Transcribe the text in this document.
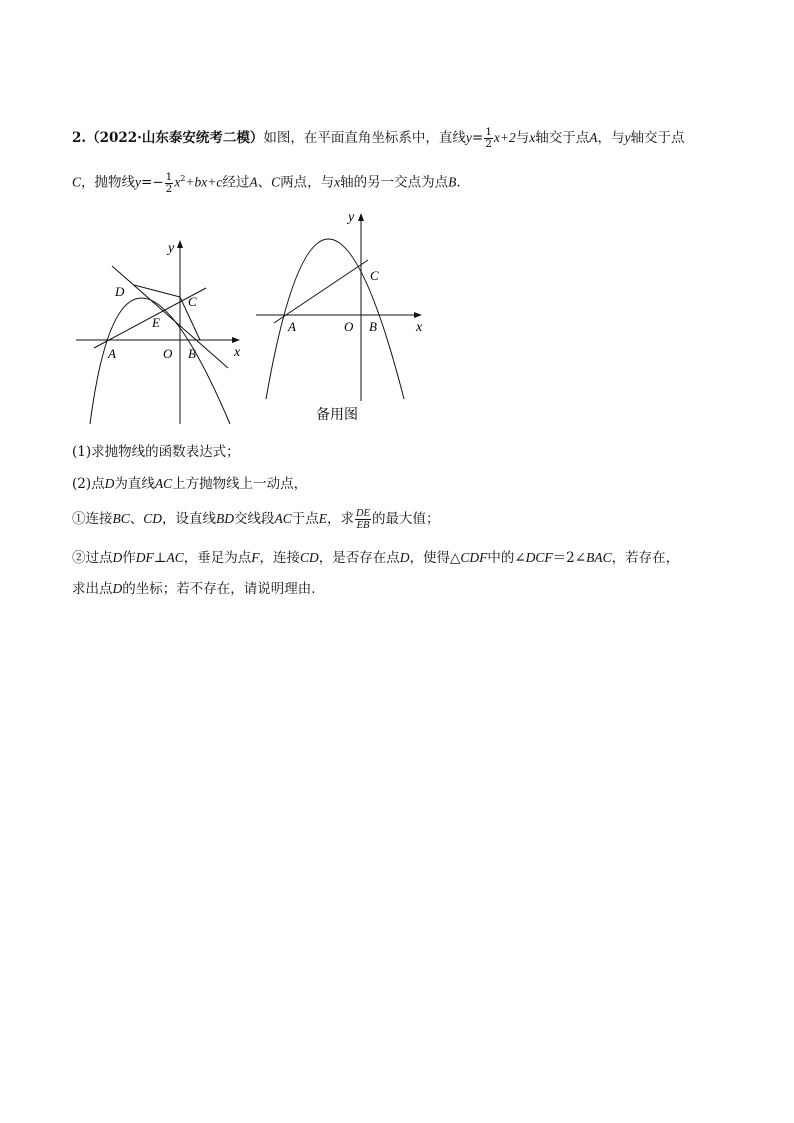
2.（2022·山东泰安统考二模）如图，在平面直角坐标系中，直线$y= \frac{1}{2} x+2$与x轴交于点A，与y轴交于点
C，抛物线$y=- \frac{1}{2} x^2+bx+c$经过A、C两点，与x轴的另一交点为点B.
y
x
A	O B
C
D
E
y
x
A	O B
C
备用图
(1)求抛物线的函数表达式；
(2)点D为直线AC上方抛物线上一动点，
①连接BC、CD，设直线BD交线段AC于点E，求 $\frac{DE}{EB}$ 的最大值；
②过点D作DF⊥AC，垂足为点F，连接CD，是否存在点D，使得△CDF中的∠DCF＝2∠BAC，若存在，
求出点D的坐标；若不存在，请说明理由．
